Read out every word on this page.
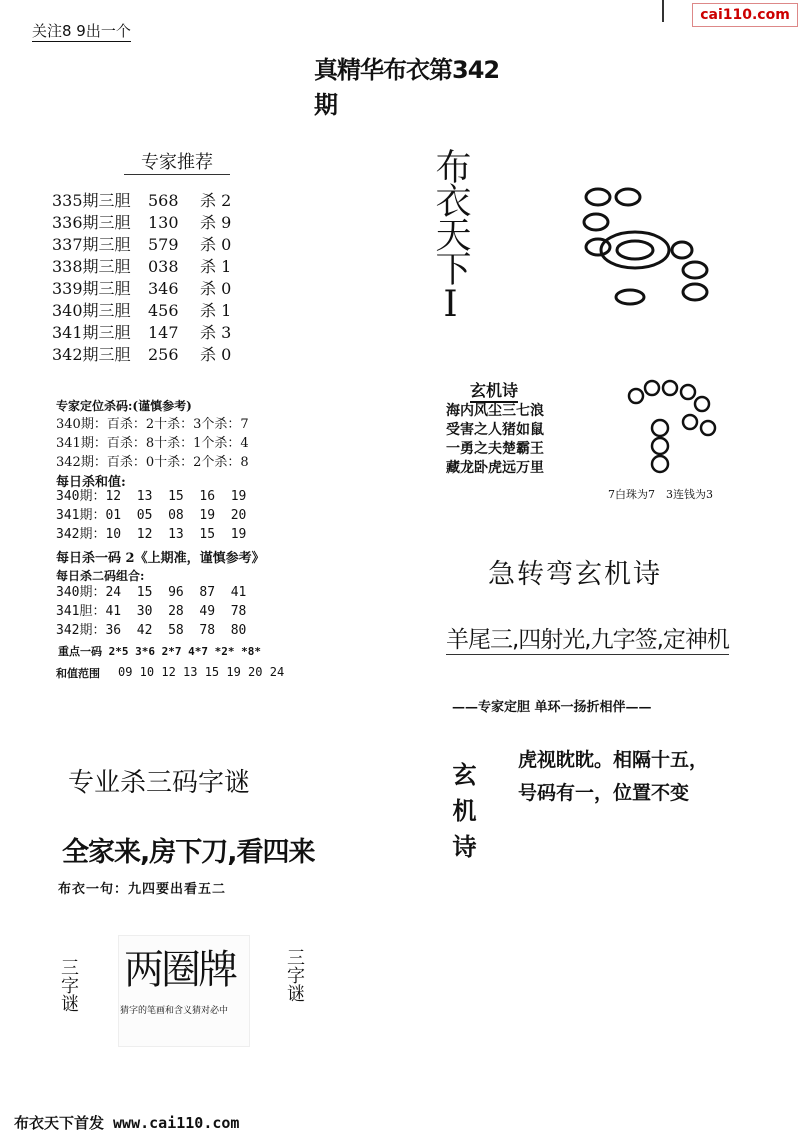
关注8 9出一个
cai110.com
真精华布衣第342期
专家推荐
335期三胆	568	杀 2
336期三胆	130	杀 9
337期三胆	579	杀 0
338期三胆	038	杀 1
339期三胆	346	杀 0
340期三胆	456	杀 1
341期三胆	147	杀 3
342期三胆	256	杀 0
专家定位杀码:(谨慎参考)
340期：百杀：2十杀：3个杀：7
341期：百杀：8十杀：1个杀：4
342期：百杀：0十杀：2个杀：8
每日杀和值:
340期：12  13  15  16  19
341期：01  05  08  19  20
342期：10  12  13  15  19
每日杀一码 2《上期准，谨慎参考》
每日杀二码组合:
340期：24  15  96  87  41
341胆：41  30  28  49  78
342期：36  42  58  78  80
重点一码 2*5 3*6 2*7 4*7 *2* *8*
和值范围 09 10 12 13 15 19 20 24
专业杀三码字谜
全家来,房下刀,看四来
布衣一句：九四要出看五二
三字谜 两圈牌
猜字的笔画和含义猜对必中
三字谜
布衣天下I
玄机诗
海内风尘三七浪
受害之人猪如鼠
一勇之夫楚霸王
藏龙卧虎远万里
7白珠为7　3连钱为3
急转弯玄机诗
羊尾三,四射光,九字签,定神机
——专家定胆 单环一扬折相伴——
玄机诗
虎视眈眈。相隔十五，
号码有一，位置不变
布衣天下首发 www.cai110.com
